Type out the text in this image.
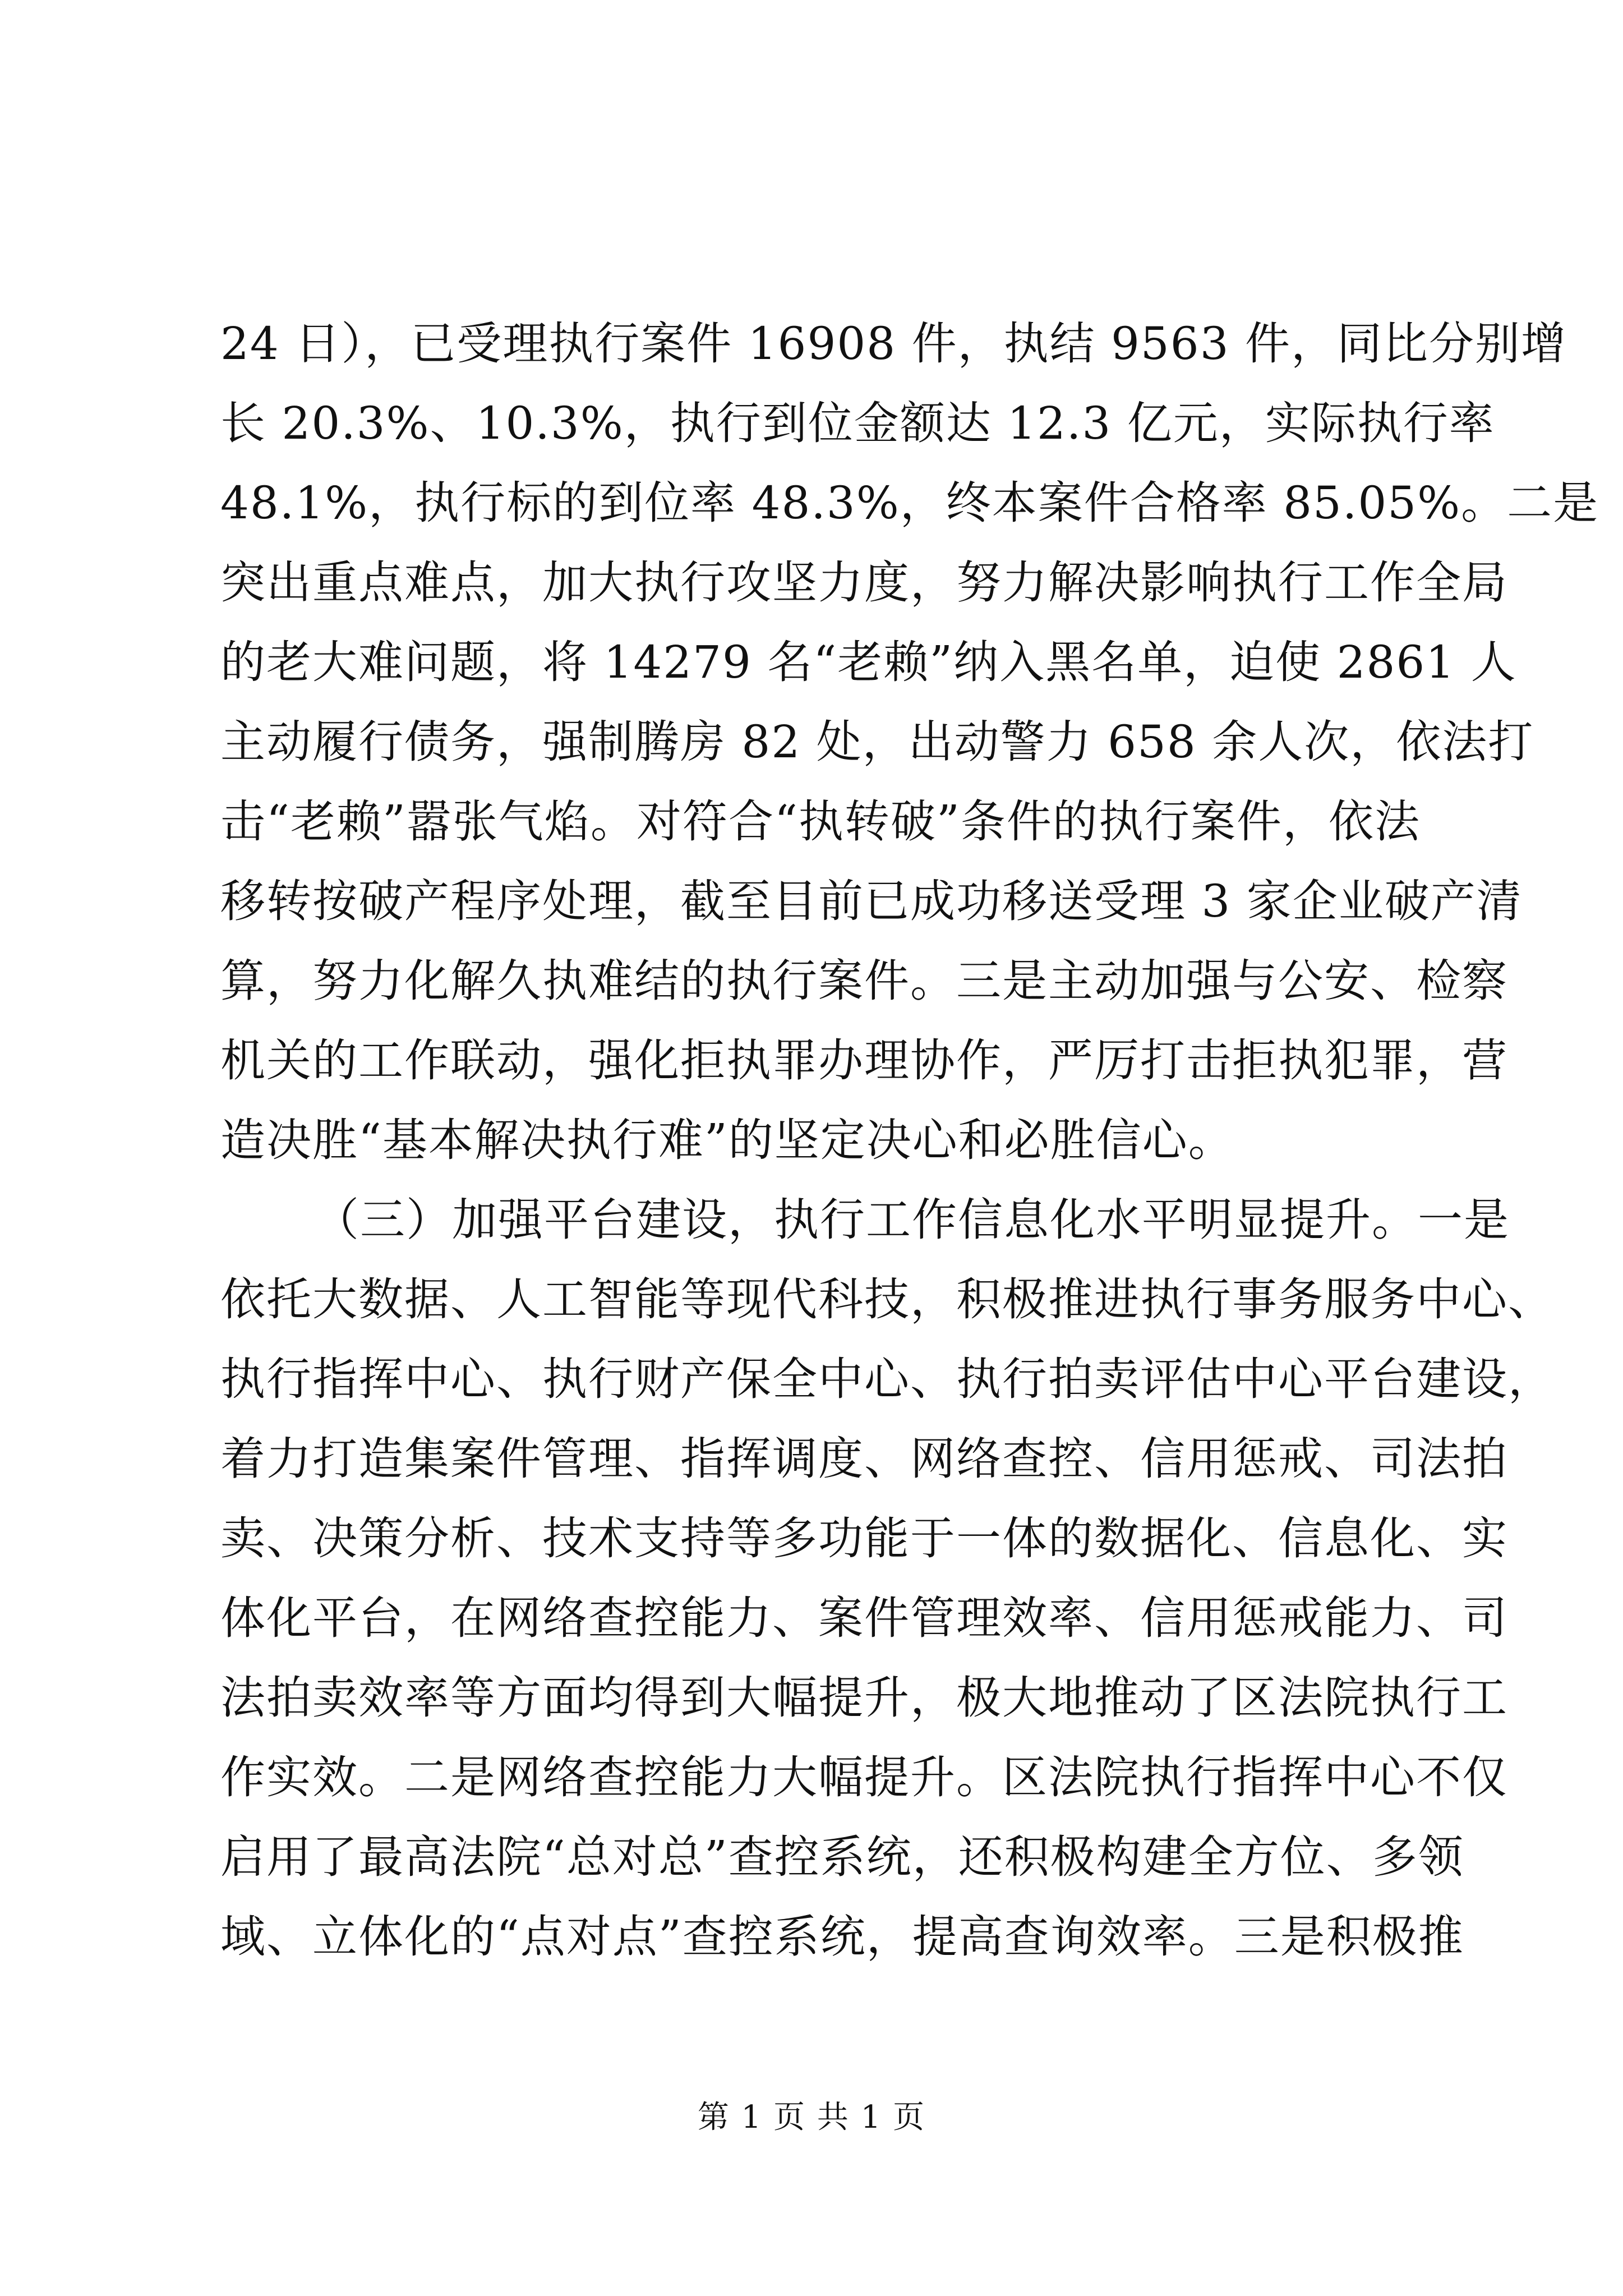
24 日），已受理执行案件 16908 件，执结 9563 件，同比分别增
长 20.3%、10.3%，执行到位金额达 12.3 亿元，实际执行率
48.1%，执行标的到位率 48.3%，终本案件合格率 85.05%。二是
突出重点难点，加大执行攻坚力度，努力解决影响执行工作全局
的老大难问题，将 14279 名“老赖”纳入黑名单，迫使 2861 人
主动履行债务，强制腾房 82 处，出动警力 658 余人次，依法打
击“老赖”嚣张气焰。对符合“执转破”条件的执行案件，依法
移转按破产程序处理，截至目前已成功移送受理 3 家企业破产清
算，努力化解久执难结的执行案件。三是主动加强与公安、检察
机关的工作联动，强化拒执罪办理协作，严厉打击拒执犯罪，营
造决胜“基本解决执行难”的坚定决心和必胜信心。
（三）加强平台建设，执行工作信息化水平明显提升。一是
依托大数据、人工智能等现代科技，积极推进执行事务服务中心、
执行指挥中心、执行财产保全中心、执行拍卖评估中心平台建设，
着力打造集案件管理、指挥调度、网络查控、信用惩戒、司法拍
卖、决策分析、技术支持等多功能于一体的数据化、信息化、实
体化平台，在网络查控能力、案件管理效率、信用惩戒能力、司
法拍卖效率等方面均得到大幅提升，极大地推动了区法院执行工
作实效。二是网络查控能力大幅提升。区法院执行指挥中心不仅
启用了最高法院“总对总”查控系统，还积极构建全方位、多领
域、立体化的“点对点”查控系统，提高查询效率。三是积极推
第 1 页 共 1 页
